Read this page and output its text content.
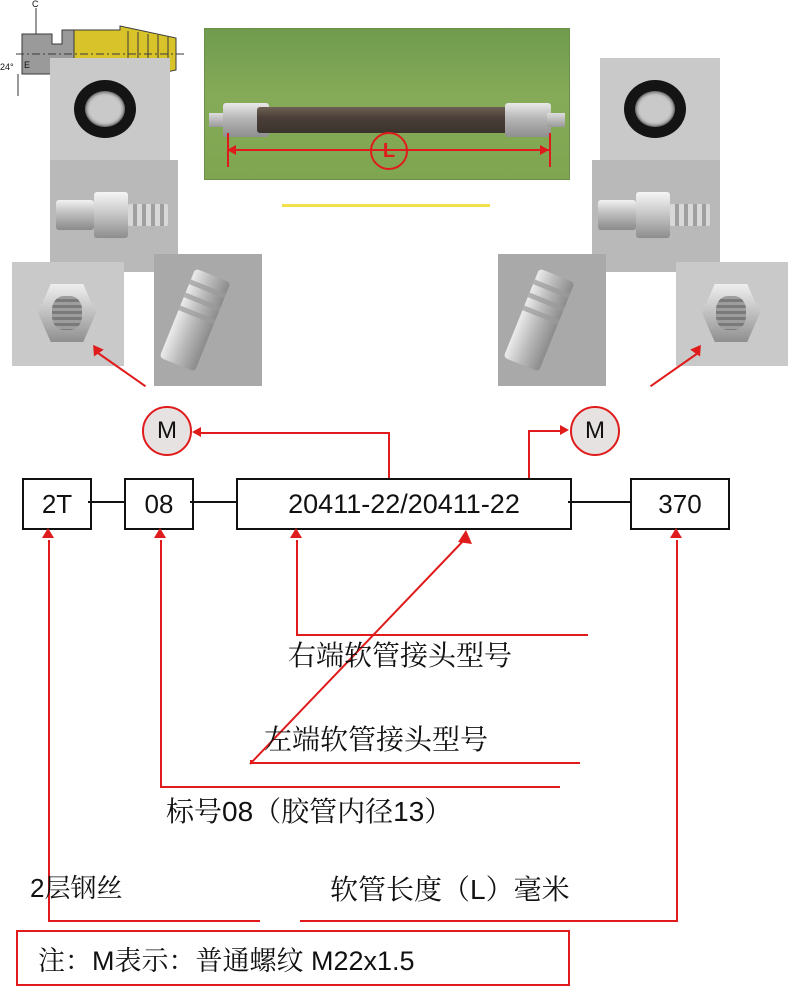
L
C
24° E
M	M
2T	08	20411-22/20411-22	370
右端软管接头型号
左端软管接头型号
标号08（胶管内径13）
2层钢丝	软管长度（L）毫米
注：M表示：普通螺纹 M22x1.5
